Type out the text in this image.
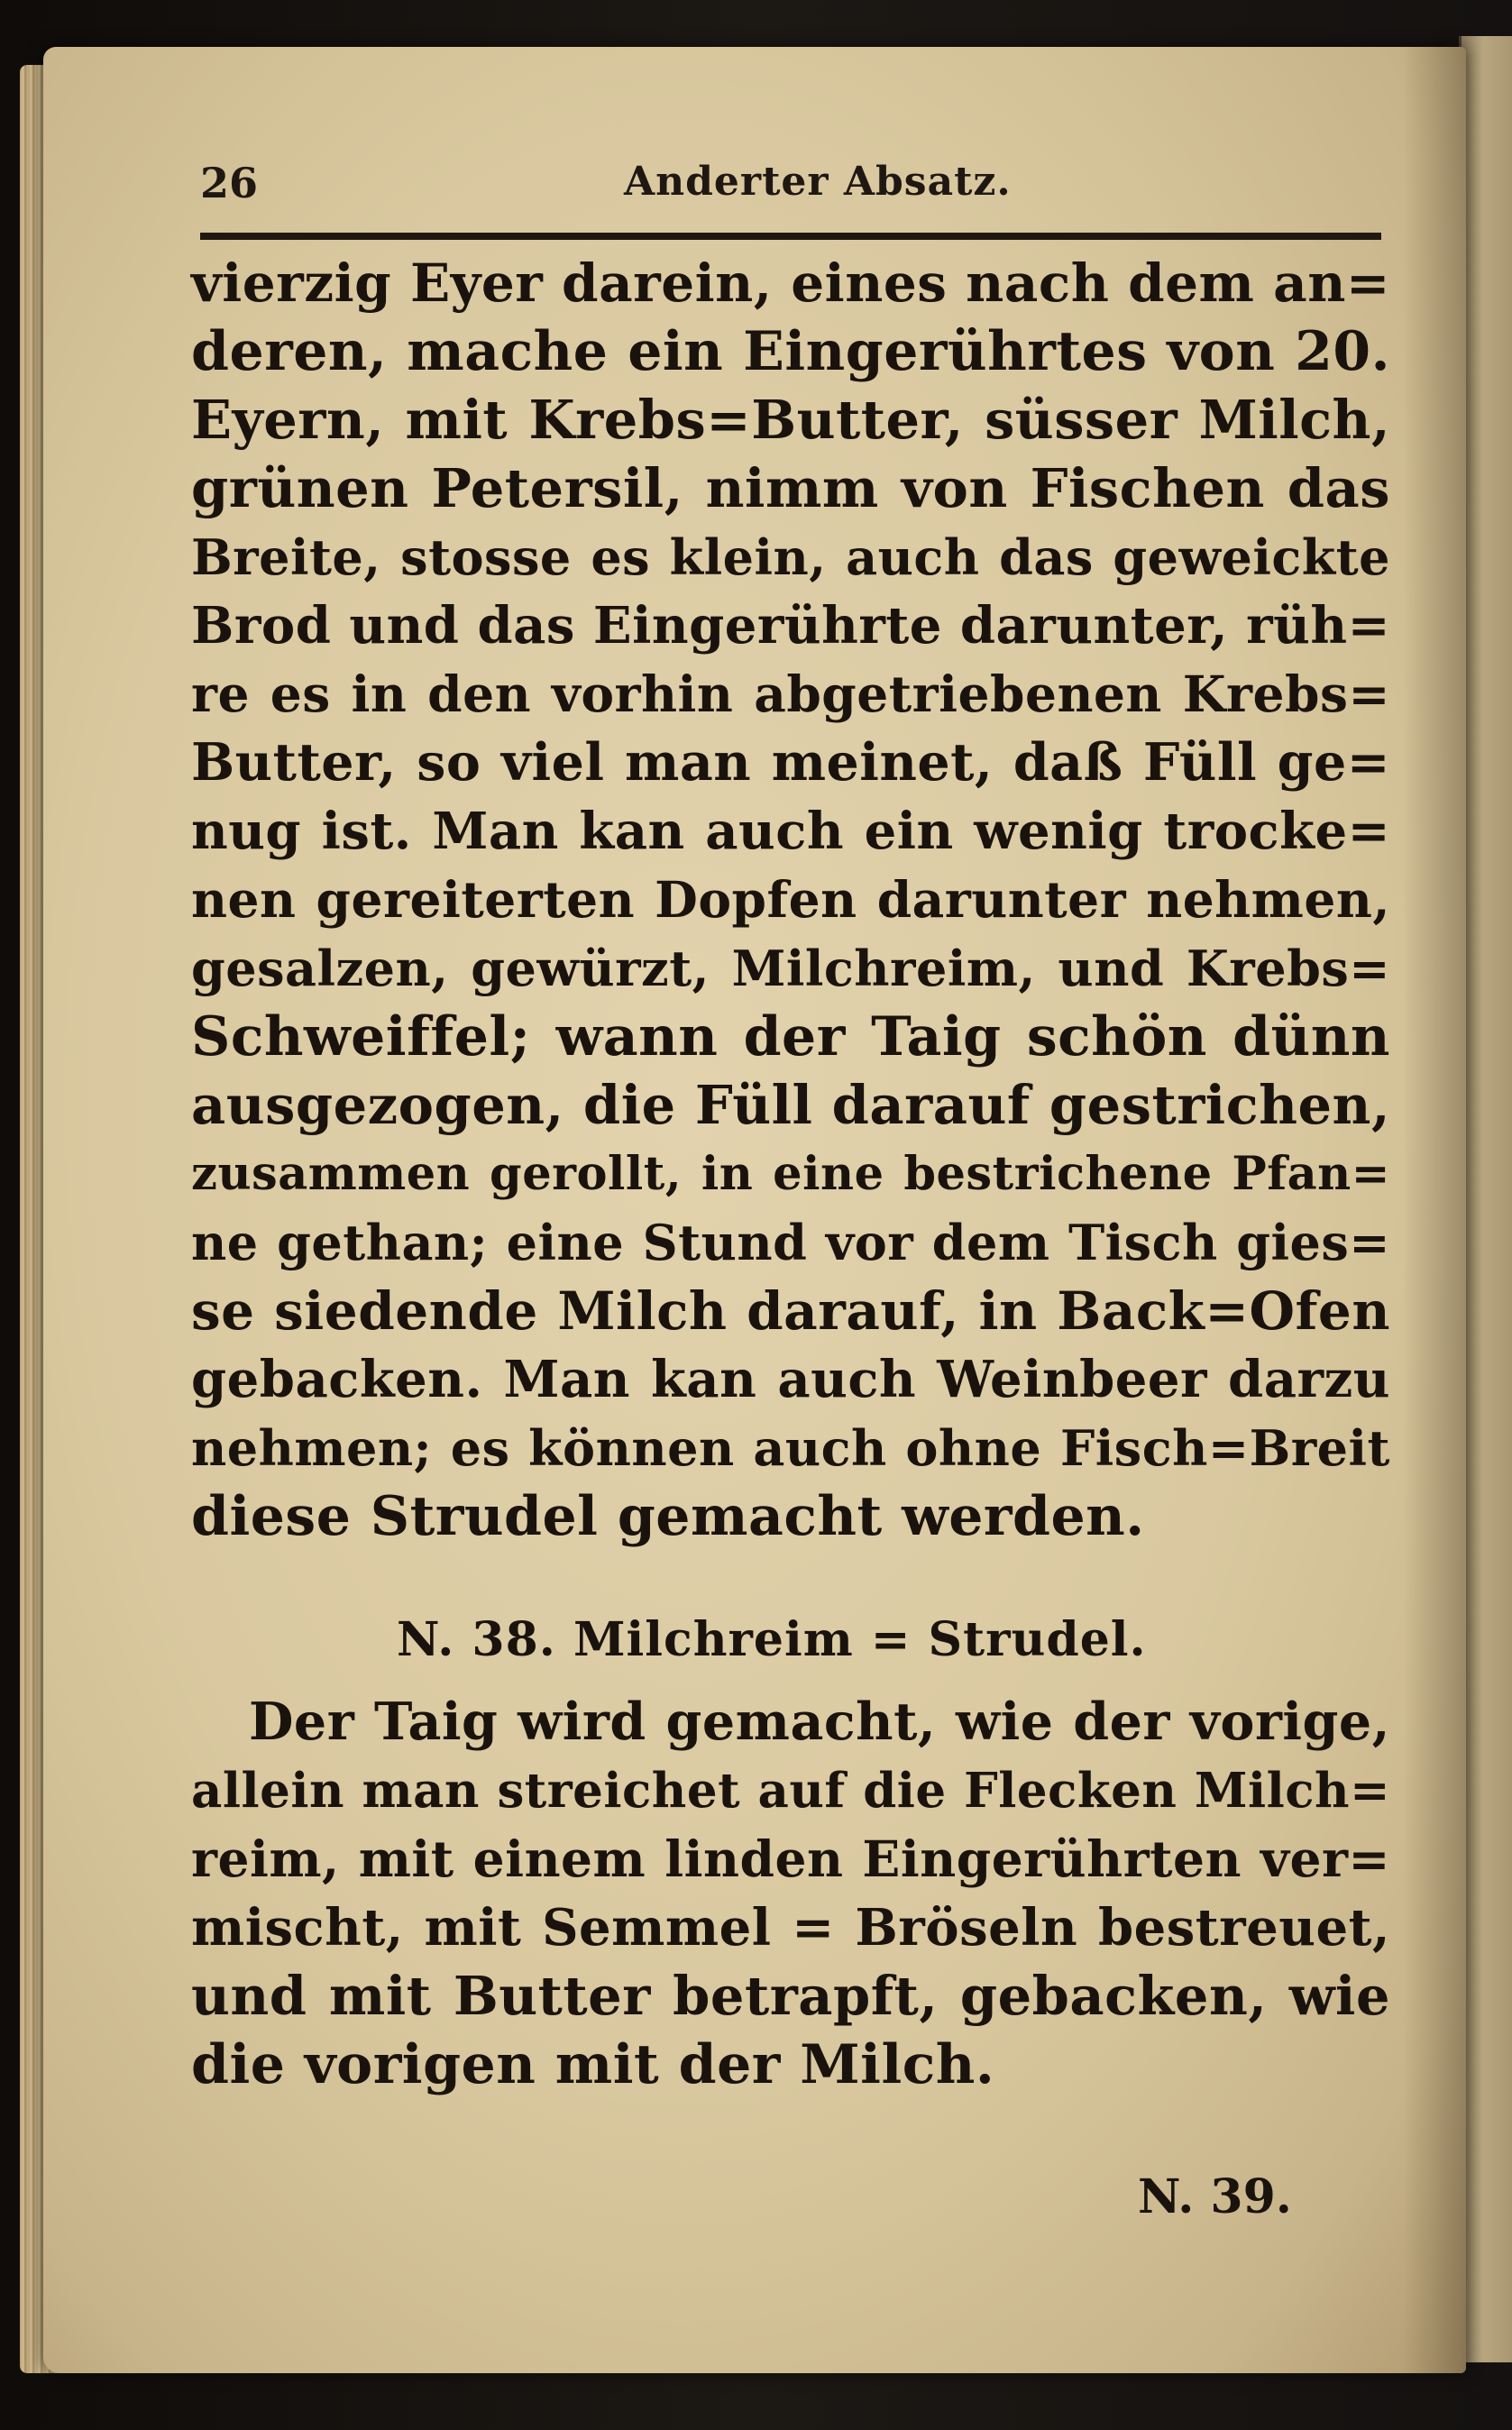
26	Anderter Absatz.
vierzig Eyer darein, eines nach dem an=
deren, mache ein Eingerührtes von 20.
Eyern, mit Krebs=Butter, süsser Milch,
grünen Petersil, nimm von Fischen das
Breite, stosse es klein, auch das geweickte
Brod und das Eingerührte darunter, rüh=
re es in den vorhin abgetriebenen Krebs=
Butter, so viel man meinet, daß Füll ge=
nug ist. Man kan auch ein wenig trocke=
nen gereiterten Dopfen darunter nehmen,
gesalzen, gewürzt, Milchreim, und Krebs=
Schweiffel; wann der Taig schön dünn
ausgezogen, die Füll darauf gestrichen,
zusammen gerollt, in eine bestrichene Pfan=
ne gethan; eine Stund vor dem Tisch gies=
se siedende Milch darauf, in Back=Ofen
gebacken. Man kan auch Weinbeer darzu
nehmen; es können auch ohne Fisch=Breit
diese Strudel gemacht werden.
N. 38. Milchreim = Strudel.
Der Taig wird gemacht, wie der vorige,
allein man streichet auf die Flecken Milch=
reim, mit einem linden Eingerührten ver=
mischt, mit Semmel = Bröseln bestreuet,
und mit Butter betrapft, gebacken, wie
die vorigen mit der Milch.
N. 39.
